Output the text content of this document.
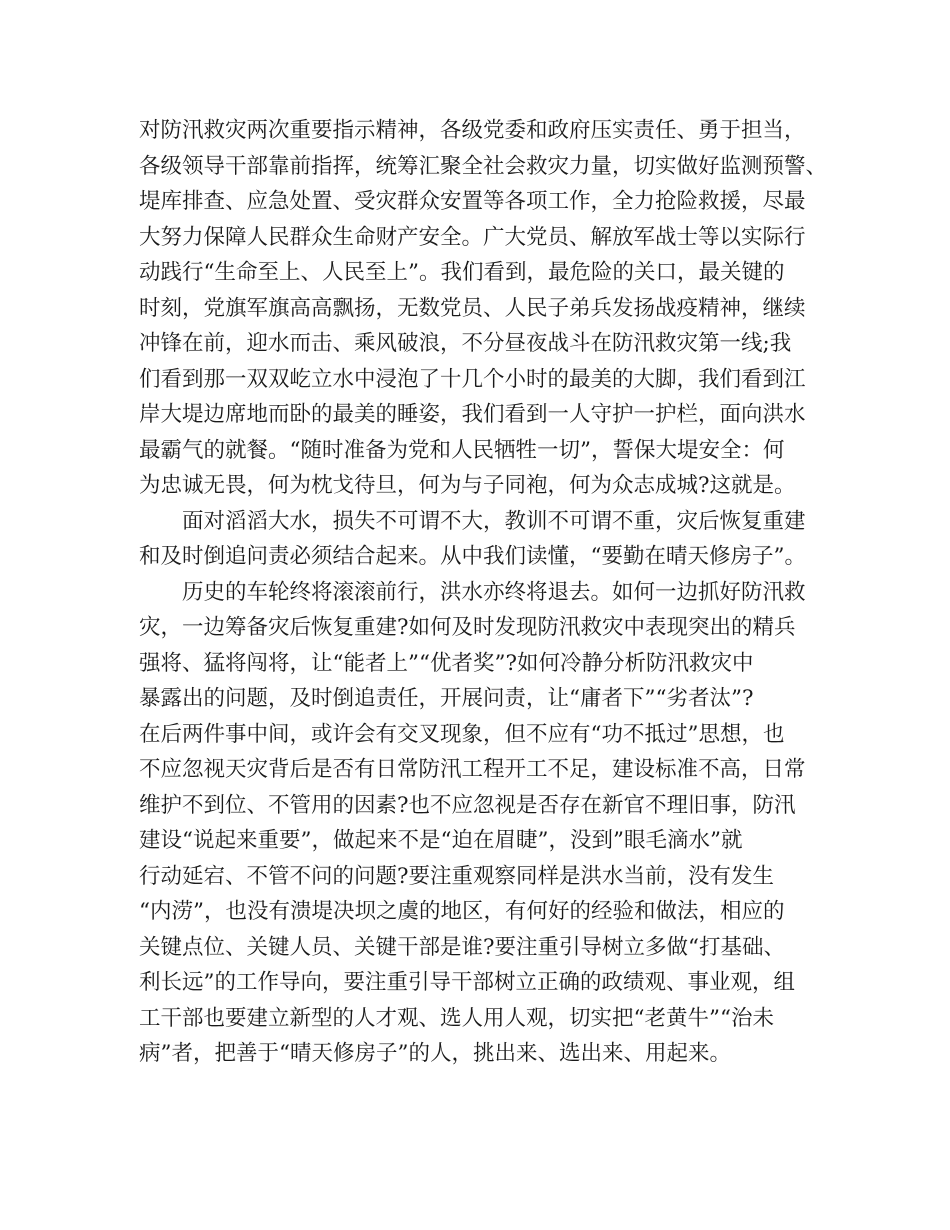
对防汛救灾两次重要指示精神，各级党委和政府压实责任、勇于担当，
各级领导干部靠前指挥，统筹汇聚全社会救灾力量，切实做好监测预警、
堤库排查、应急处置、受灾群众安置等各项工作，全力抢险救援，尽最
大努力保障人民群众生命财产安全。广大党员、解放军战士等以实际行
动践行“生命至上、人民至上”。我们看到，最危险的关口，最关键的
时刻，党旗军旗高高飘扬，无数党员、人民子弟兵发扬战疫精神，继续
冲锋在前，迎水而击、乘风破浪，不分昼夜战斗在防汛救灾第一线;我
们看到那一双双屹立水中浸泡了十几个小时的最美的大脚，我们看到江
岸大堤边席地而卧的最美的睡姿，我们看到一人守护一护栏，面向洪水
最霸气的就餐。“随时准备为党和人民牺牲一切”，誓保大堤安全：何
为忠诚无畏，何为枕戈待旦，何为与子同袍，何为众志成城?这就是。
面对滔滔大水，损失不可谓不大，教训不可谓不重，灾后恢复重建
和及时倒追问责必须结合起来。从中我们读懂，“要勤在晴天修房子”。
历史的车轮终将滚滚前行，洪水亦终将退去。如何一边抓好防汛救
灾，一边筹备灾后恢复重建?如何及时发现防汛救灾中表现突出的精兵
强将、猛将闯将，让“能者上”“优者奖”?如何冷静分析防汛救灾中
暴露出的问题，及时倒追责任，开展问责，让“庸者下”“劣者汰”?
在后两件事中间，或许会有交叉现象，但不应有“功不抵过”思想，也
不应忽视天灾背后是否有日常防汛工程开工不足，建设标准不高，日常
维护不到位、不管用的因素?也不应忽视是否存在新官不理旧事，防汛
建设“说起来重要”，做起来不是“迫在眉睫”，没到”眼毛滴水”就
行动延宕、不管不问的问题?要注重观察同样是洪水当前，没有发生
“内涝”，也没有溃堤决坝之虞的地区，有何好的经验和做法，相应的
关键点位、关键人员、关键干部是谁?要注重引导树立多做“打基础、
利长远”的工作导向，要注重引导干部树立正确的政绩观、事业观，组
工干部也要建立新型的人才观、选人用人观，切实把“老黄牛”“治未
病”者，把善于“晴天修房子”的人，挑出来、选出来、用起来。
